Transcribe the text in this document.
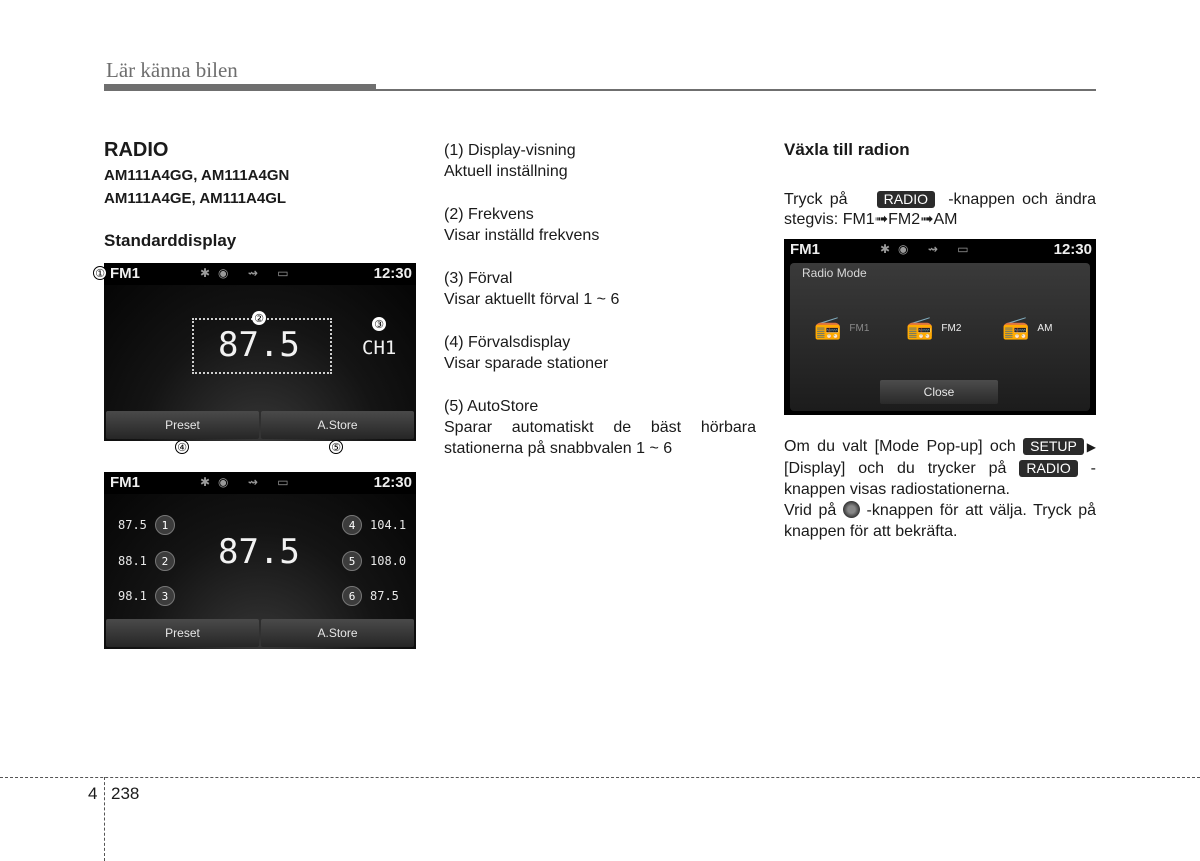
Lär känna bilen
RADIO
AM111A4GG, AM111A4GN
AM111A4GE, AM111A4GL
Standarddisplay
FM1	✱◉ ⇝ ▭	12:30
87.5	CH1
Preset	A.Store
②	③
①
④	⑤
FM1	✱◉ ⇝ ▭	12:30
87.5
87.5	1
88.1	2
98.1	3
4	104.1
5	108.0
6	87.5
Preset	A.Store
(1) Display-visning
Aktuell inställning
(2) Frekvens
Visar inställd frekvens
(3) Förval
Visar aktuellt förval 1 ~ 6
(4) Förvalsdisplay
Visar sparade stationer
(5) AutoStore
Sparar automatiskt de bäst hörbara stationerna på snabbvalen 1 ~ 6
Växla till radion
Tryck på	RADIO -knappen och ändra stegvis: FM1➟FM2➟AM
FM1	✱◉ ⇝ ▭	12:30
Radio Mode
📻 FM1 📻 FM2 📻 AM
Close
Om du valt [Mode Pop-up] och SETUP ▶ [Display] och du trycker på RADIO -knappen visas radiostationerna.
Vrid på -knappen för att välja. Tryck på knappen för att bekräfta.
4 238
